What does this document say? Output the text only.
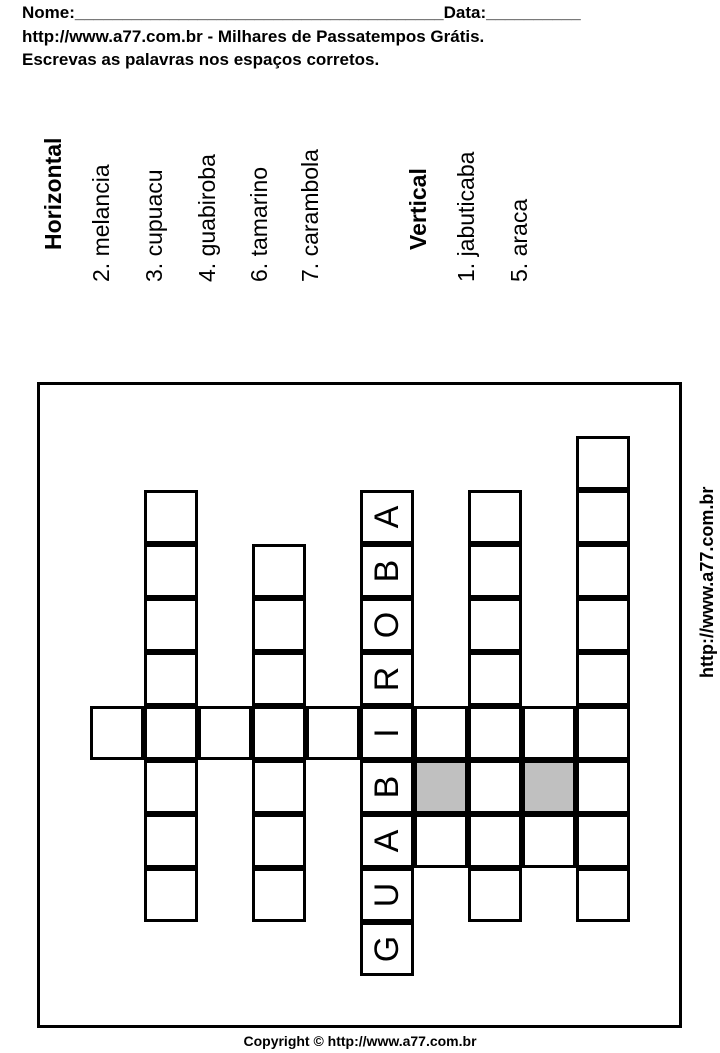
Nome:_______________________________________Data:__________
http://www.a77.com.br - Milhares de Passatempos Grátis.
Escrevas as palavras nos espaços corretos.
Horizontal 2. melancia 3. cupuacu 4. guabiroba 6. tamarino 7. carambola	Vertical 1. jabuticaba 5. araca
I
A
B
O
R
B
A
U
G
http://www.a77.com.br
Copyright © http://www.a77.com.br
